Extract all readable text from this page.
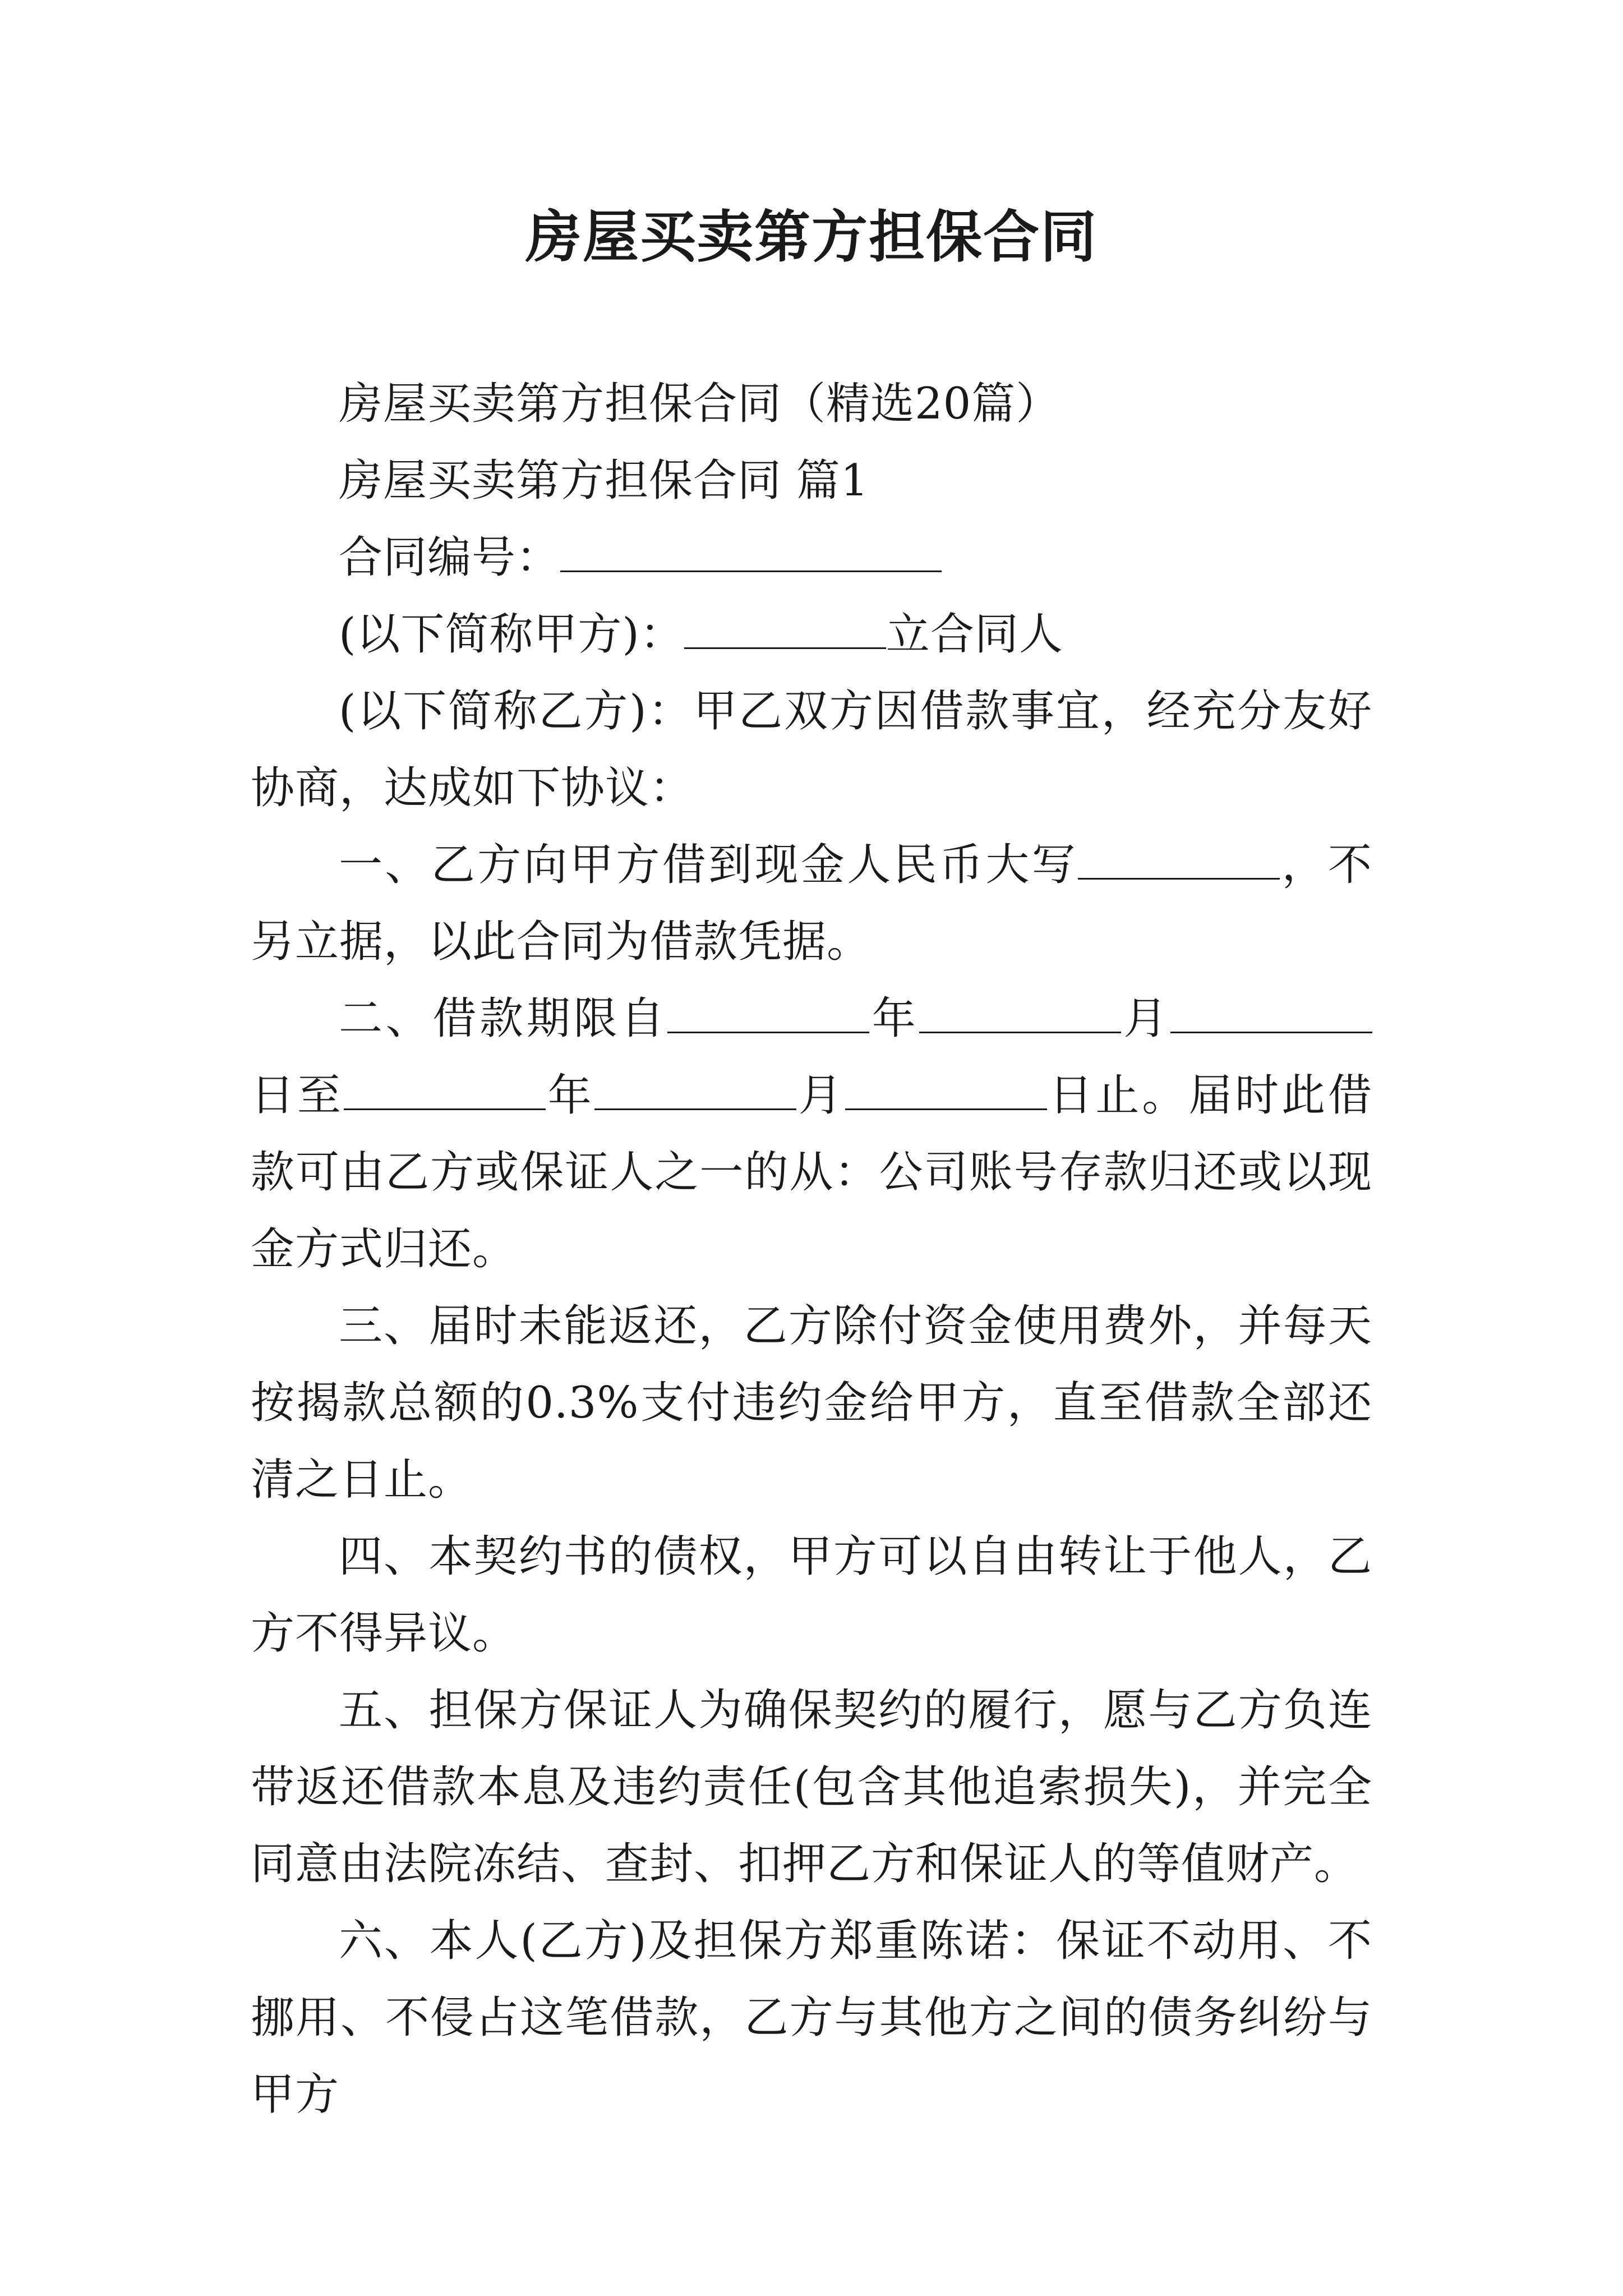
房屋买卖第方担保合同

房屋买卖第方担保合同（精选20篇）

房屋买卖第方担保合同 篇1

合同编号：

(以下简称甲方)：	立合同人

(以下简称乙方)：甲乙双方因借款事宜，经充分友好协商，达成如下协议：

一、乙方向甲方借到现金人民币大写	，不另立据，以此合同为借款凭据。

二、借款期限自	年	月日至	年	月	日止。届时此借款可由乙方或保证人之一的从：公司账号存款归还或以现金方式归还。

三、届时未能返还，乙方除付资金使用费外，并每天按揭款总额的0.3%支付违约金给甲方，直至借款全部还清之日止。

四、本契约书的债权，甲方可以自由转让于他人，乙方不得异议。

五、担保方保证人为确保契约的履行，愿与乙方负连带返还借款本息及违约责任(包含其他追索损失)，并完全同意由法院冻结、查封、扣押乙方和保证人的等值财产。

六、本人(乙方)及担保方郑重陈诺：保证不动用、不挪用、不侵占这笔借款，乙方与其他方之间的债务纠纷与甲方
